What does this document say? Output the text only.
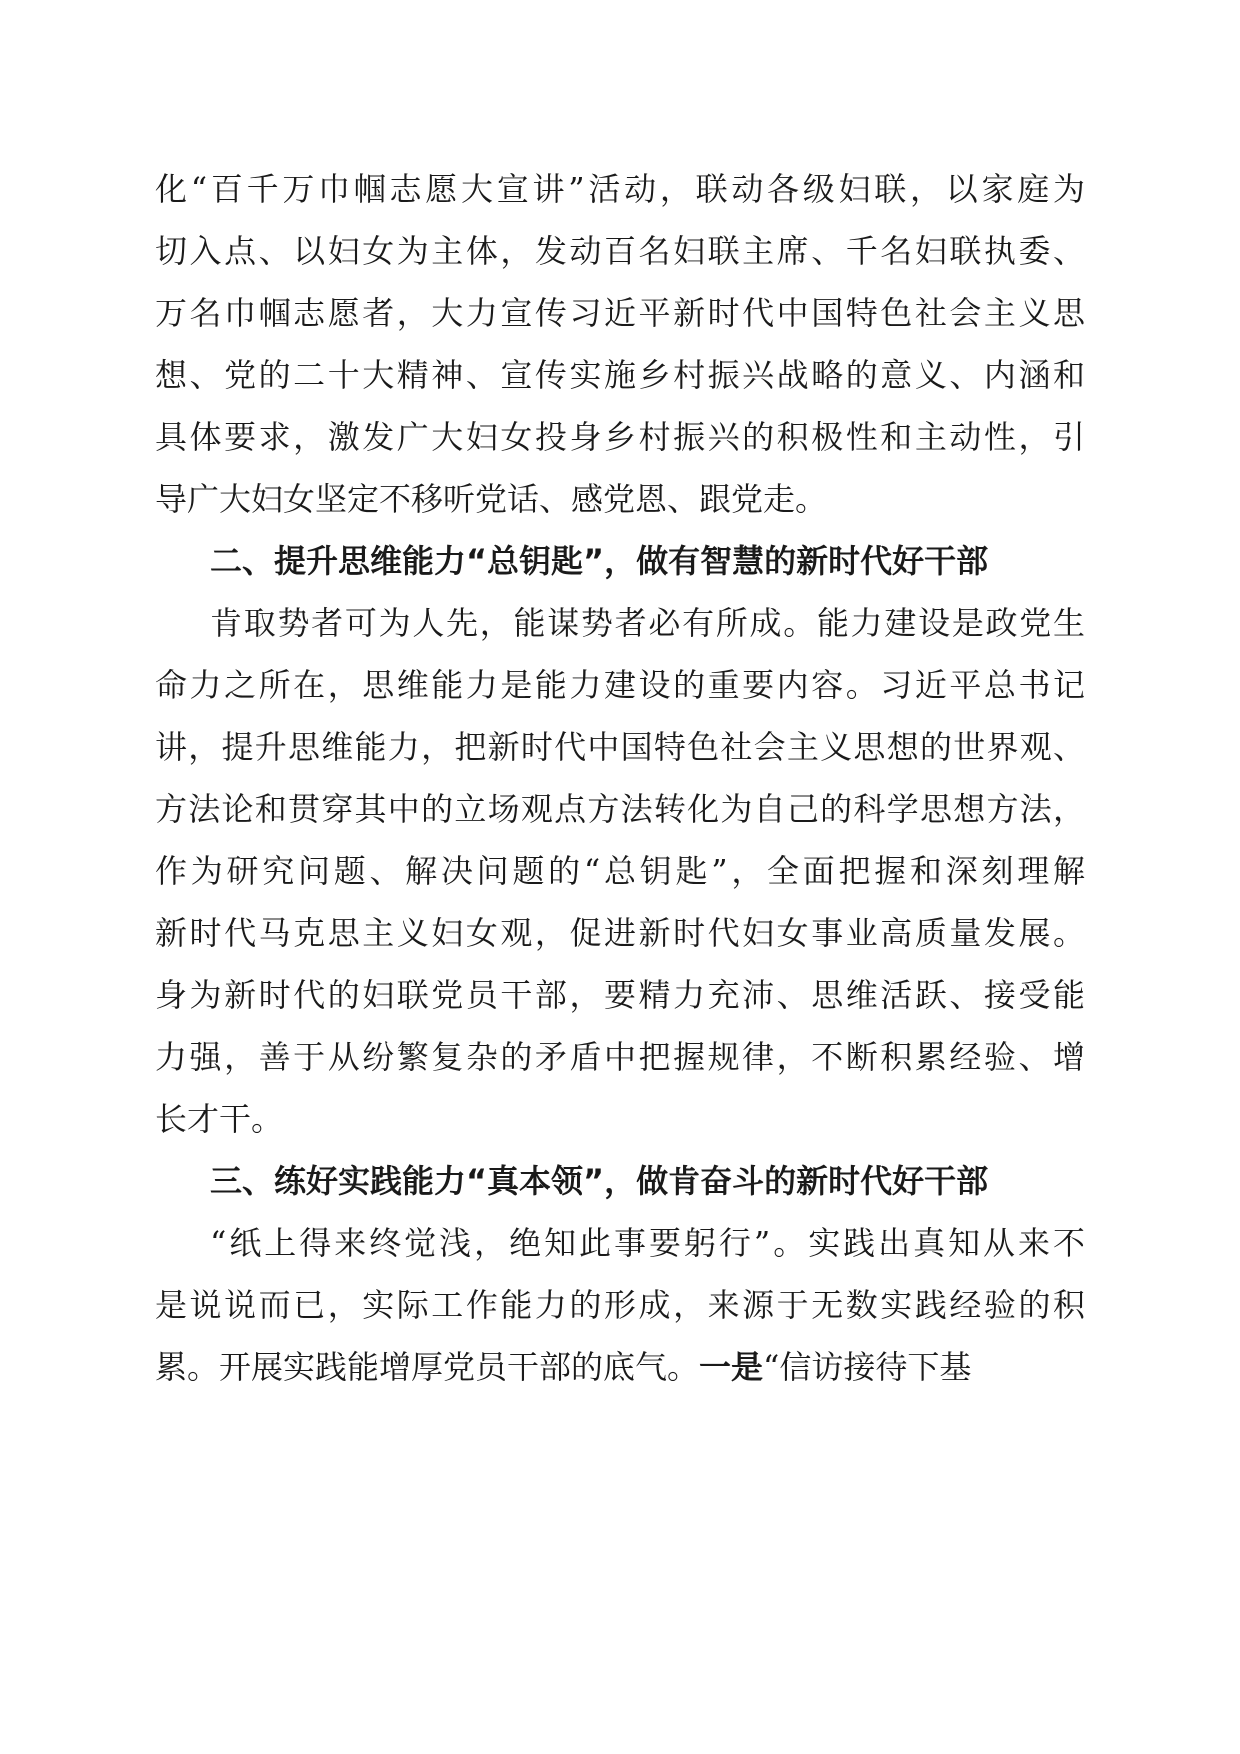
化“百千万巾帼志愿大宣讲”活动，联动各级妇联，以家庭为
切入点、以妇女为主体，发动百名妇联主席、千名妇联执委、
万名巾帼志愿者，大力宣传习近平新时代中国特色社会主义思
想、党的二十大精神、宣传实施乡村振兴战略的意义、内涵和
具体要求，激发广大妇女投身乡村振兴的积极性和主动性，引
导广大妇女坚定不移听党话、感党恩、跟党走。
二、提升思维能力“总钥匙”，做有智慧的新时代好干部
肯取势者可为人先，能谋势者必有所成。能力建设是政党生
命力之所在，思维能力是能力建设的重要内容。习近平总书记
讲，提升思维能力，把新时代中国特色社会主义思想的世界观、
方法论和贯穿其中的立场观点方法转化为自己的科学思想方法，
作为研究问题、解决问题的“总钥匙”，全面把握和深刻理解
新时代马克思主义妇女观，促进新时代妇女事业高质量发展。
身为新时代的妇联党员干部，要精力充沛、思维活跃、接受能
力强，善于从纷繁复杂的矛盾中把握规律，不断积累经验、增
长才干。
三、练好实践能力“真本领”，做肯奋斗的新时代好干部
“纸上得来终觉浅，绝知此事要躬行”。实践出真知从来不
是说说而已，实际工作能力的形成，来源于无数实践经验的积
累。开展实践能增厚党员干部的底气。一是“信访接待下基
